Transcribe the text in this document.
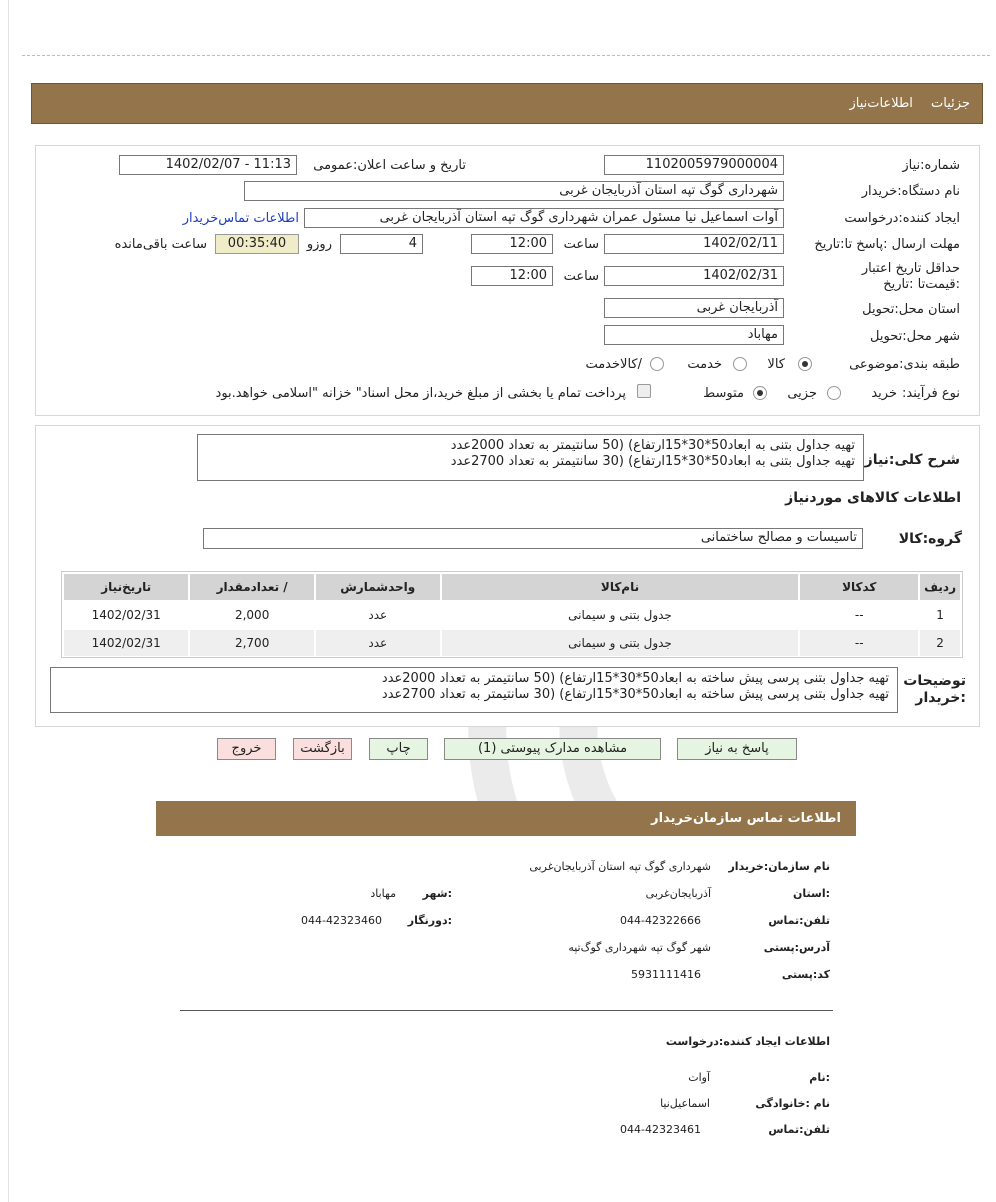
جزئیات اطلاعات‌نیاز
شماره:نیاز
1102005979000004
تاریخ و ساعت اعلان:عمومی
1402/02/07 - 11:13
نام دستگاه:خریدار
شهرداری گوگ تپه استان آذربایجان غربی
ایجاد کننده:درخواست
آوات اسماعیل نیا مسئول عمران شهرداری گوگ تپه استان آذربایجان غربی
اطلاعات تماس‌خریدار
مهلت ارسال :پاسخ تا:تاریخ
1402/02/11
ساعت
12:00
4
روزو
00:35:40
ساعت باقی‌مانده
حداقل تاریخ اعتبار :قیمت‌تا :تاریخ
1402/02/31
ساعت
12:00
استان محل:تحویل
آذربایجان غربی
شهر محل:تحویل
مهاباد
طبقه بندی:موضوعی
کالا
خدمت
/کالاخدمت
نوع فرآیند:
خرید
جزیی
متوسط
پرداخت تمام یا بخشی از مبلغ خرید،از محل اسناد" خزانه "اسلامی خواهد.بود
شرح کلی:نیاز
تهیه جداول بتنی به ابعاد50*30*15ارتفاع) (50 سانتیمتر به تعداد 2000عدد
تهیه جداول بتنی به ابعاد50*30*15ارتفاع) (30 سانتیمتر به تعداد 2700عدد
اطلاعات کالاهای موردنیاز
گروه:کالا
تاسیسات و مصالح ساختمانی
ردیف	کدکالا	نام‌کالا	واحدشمارش	/ تعدادمقدار	تاریخ‌نیاز
1	--	جدول بتنی و سیمانی	عدد	2,000	1402/02/31
2	--	جدول بتنی و سیمانی	عدد	2,700	1402/02/31
توضیحات
:خریدار
تهیه جداول بتنی پرسی پیش ساخته به ابعاد50*30*15ارتفاع) (50 سانتیمتر به تعداد 2000عدد
تهیه جداول بتنی پرسی پیش ساخته به ابعاد50*30*15ارتفاع) (30 سانتیمتر به تعداد 2700عدد
پاسخ به نیاز
مشاهده مدارک پیوستی (1)
چاپ
بازگشت
خروج
اطلاعات تماس سازمان‌خریدار
نام سازمان:خریدار
شهرداری گوگ تپه استان آذربایجان‌غربی
:استان
آذربایجان‌غربی
:شهر
مهاباد
تلفن:تماس
044-42322666
:دورنگار
044-42323460
آدرس:پستی
شهر گوگ تپه شهرداری گوگ‌تپه
کد:پستی
5931111416
اطلاعات ایجاد کننده:درخواست
:نام
آوات
نام :خانوادگی
اسماعیل‌نیا
تلفن:تماس
044-42323461
